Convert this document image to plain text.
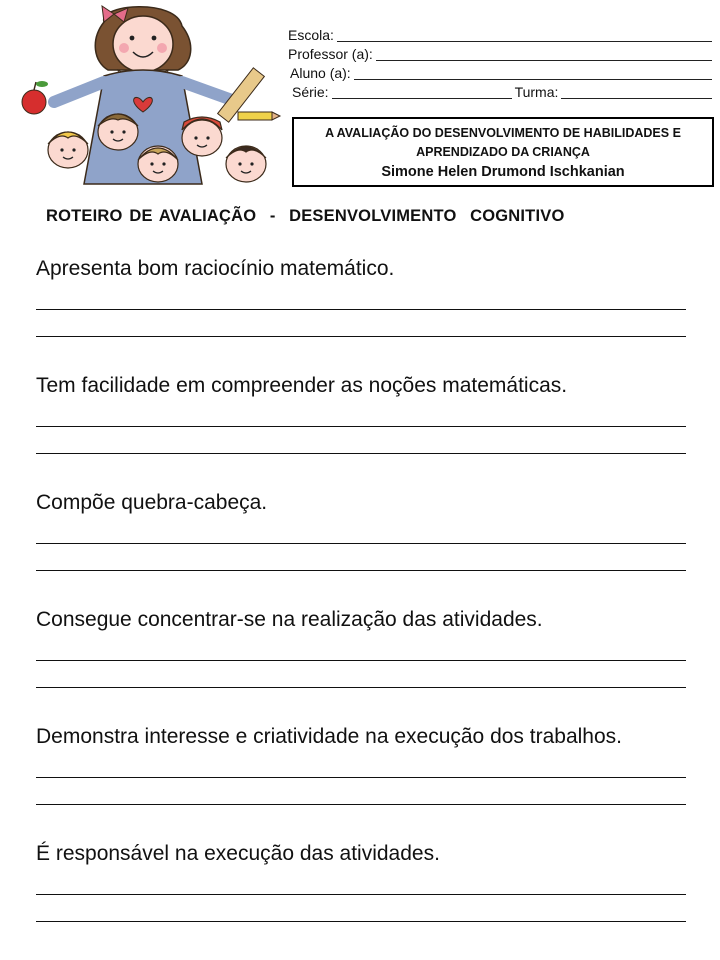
Escola:
Professor (a):
Aluno (a):
Série:	Turma:
A AVALIAÇÃO DO DESENVOLVIMENTO DE HABILIDADES E
APRENDIZADO DA CRIANÇA
Simone Helen Drumond Ischkanian
ROTEIRO DE AVALIAÇÃO  -  DESENVOLVIMENTO  COGNITIVO
Apresenta bom raciocínio matemático.
Tem facilidade em compreender as noções matemáticas.
Compõe quebra-cabeça.
Consegue concentrar-se na realização das atividades.
Demonstra interesse e criatividade na execução dos trabalhos.
É responsável na execução das atividades.
